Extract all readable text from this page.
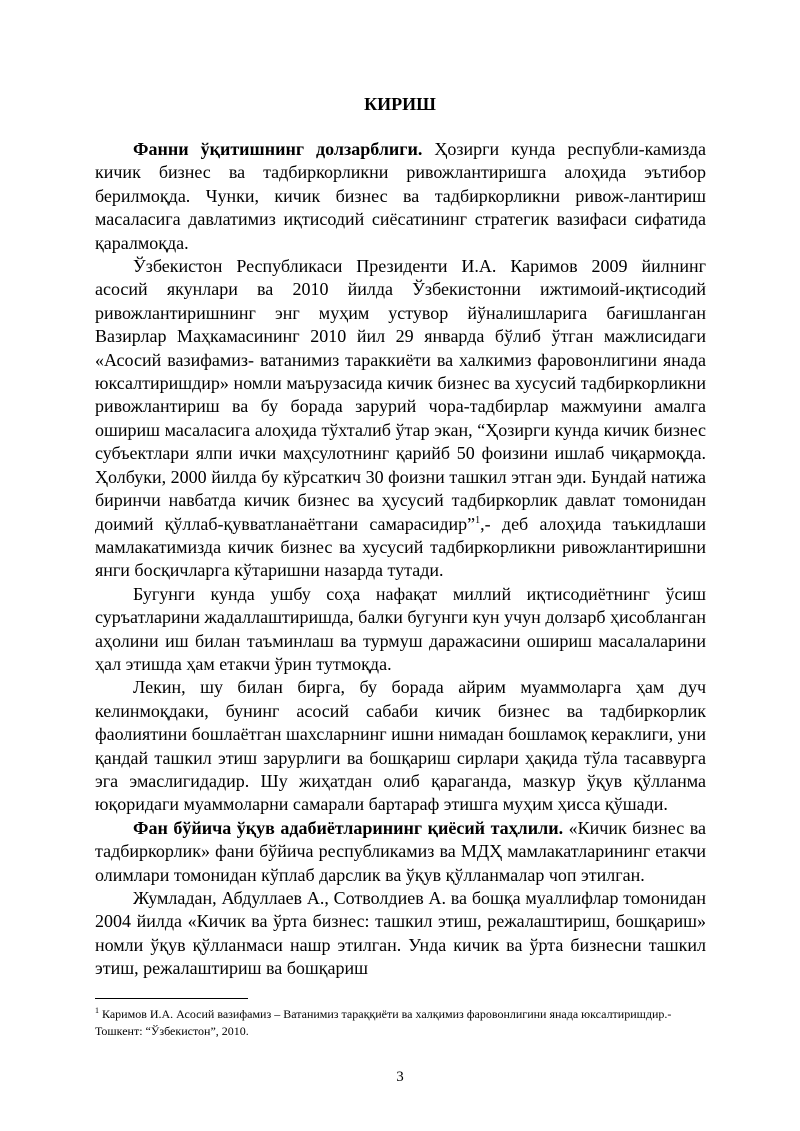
КИРИШ

Фанни ўқитишнинг долзарблиги. Ҳозирги кунда республи-камизда кичик бизнес ва тадбиркорликни ривожлантиришга алоҳида эътибор берилмоқда. Чунки, кичик бизнес ва тадбиркорликни ривож-лантириш масаласига давлатимиз иқтисодий сиёсатининг стратегик вазифаси сифатида қаралмоқда.

Ўзбекистон Республикаси Президенти И.А. Каримов 2009 йилнинг асосий якунлари ва 2010 йилда Ўзбекистонни ижтимоий-иқтисодий ривожлантиришнинг энг муҳим устувор йўналишларига бағишланган Вазирлар Маҳкамасининг 2010 йил 29 январда бўлиб ўтган мажлисидаги «Асосий вазифамиз- ватанимиз тараккиёти ва халкимиз фаровонлигини янада юксалтиришдир» номли маърузасида кичик бизнес ва хусусий тадбиркорликни ривожлантириш ва бу борада зарурий чора-тадбирлар мажмуини амалга ошириш масаласига алоҳида тўхталиб ўтар экан, “Ҳозирги кунда кичик бизнес субъектлари ялпи ички маҳсулотнинг қарийб 50 фоизини ишлаб чиқармоқда. Ҳолбуки, 2000 йилда бу кўрсаткич 30 фоизни ташкил этган эди. Бундай натижа биринчи навбатда кичик бизнес ва ҳусусий тадбиркорлик давлат томонидан доимий қўллаб-қувватланаётгани самарасидир”$^1$,- деб алоҳида таъкидлаши мамлакатимизда кичик бизнес ва хусусий тадбиркорликни ривожлантиришни янги босқичларга кўтаришни назарда тутади.

Бугунги кунда ушбу соҳа нафақат миллий иқтисодиётнинг ўсиш суръатларини жадаллаштиришда, балки бугунги кун учун долзарб ҳисобланган аҳолини иш билан таъминлаш ва турмуш даражасини ошириш масалаларини ҳал этишда ҳам етакчи ўрин тутмоқда.

Лекин, шу билан бирга, бу борада айрим муаммоларга ҳам дуч келинмоқдаки, бунинг асосий сабаби кичик бизнес ва тадбиркорлик фаолиятини бошлаётган шахсларнинг ишни нимадан бошламоқ кераклиги, уни қандай ташкил этиш зарурлиги ва бошқариш сирлари ҳақида тўла тасаввурга эга эмаслигидадир. Шу жиҳатдан олиб қараганда, мазкур ўқув қўлланма юқоридаги муаммоларни самарали бартараф этишга муҳим ҳисса қўшади.

Фан бўйича ўқув адабиётларининг қиёсий таҳлили. «Кичик бизнес ва тадбиркорлик» фани бўйича республикамиз ва МДҲ мамлакатларининг етакчи олимлари томонидан кўплаб дарслик ва ўқув қўлланмалар чоп этилган.

Жумладан, Абдуллаев А., Сотволдиев А. ва бошқа муаллифлар томонидан 2004 йилда «Кичик ва ўрта бизнес: ташкил этиш, режалаштириш, бошқариш» номли ўқув қўлланмаси нашр этилган. Унда кичик ва ўрта бизнесни ташкил этиш, режалаштириш ва бошқариш

$^1$ Каримов И.А. Асосий вазифамиз – Ватанимиз тараққиёти ва халқимиз фаровонлигини янада юксалтиришдир.- Тошкент: “Ўзбекистон”, 2010.
3
